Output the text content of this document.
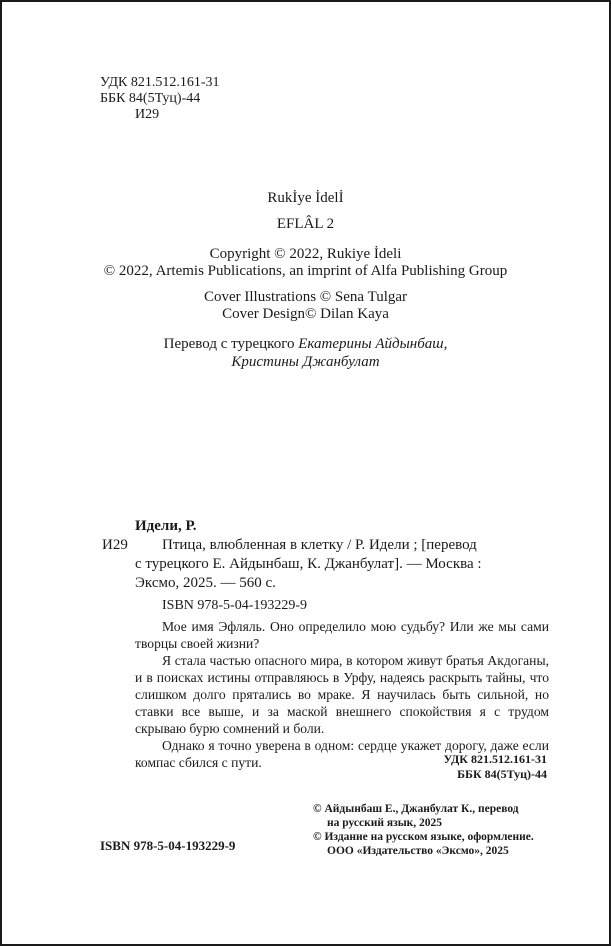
УДК 821.512.161-31
ББК 84(5Туц)-44
И29
Rukİye İdelİ
EFLÂL 2
Copyright © 2022, Rukiye İdeli
© 2022, Artemis Publications, an imprint of Alfa Publishing Group
Cover Illustrations © Sena Tulgar
Cover Design© Dilan Kaya
Перевод с турецкого Екатерины Айдынбаш,
Кристины Джанбулат
Идели, Р.
И29 Птица, влюбленная в клетку / Р. Идели ; [перевод
с турецкого Е. Айдынбаш, К. Джанбулат]. — Москва :
Эксмо, 2025. — 560 с.
ISBN 978-5-04-193229-9

Мое имя Эфляль. Оно определило мою судьбу? Или же мы сами творцы своей жизни?

Я стала частью опасного мира, в котором живут братья Акдоганы, и в поисках истины отправляюсь в Урфу, надеясь раскрыть тайны, что слишком долго прятались во мраке. Я научилась быть сильной, но ставки все выше, и за маской внешнего спокойствия я с трудом скрываю бурю сомнений и боли.

Однако я точно уверена в одном: сердце укажет дорогу, даже если компас сбился с пути.	УДК 821.512.161-31
ББК 84(5Туц)-44
© Айдынбаш Е., Джанбулат К., перевод
на русский язык, 2025
© Издание на русском языке, оформление.
ООО «Издательство «Эксмо», 2025
ISBN 978-5-04-193229-9
